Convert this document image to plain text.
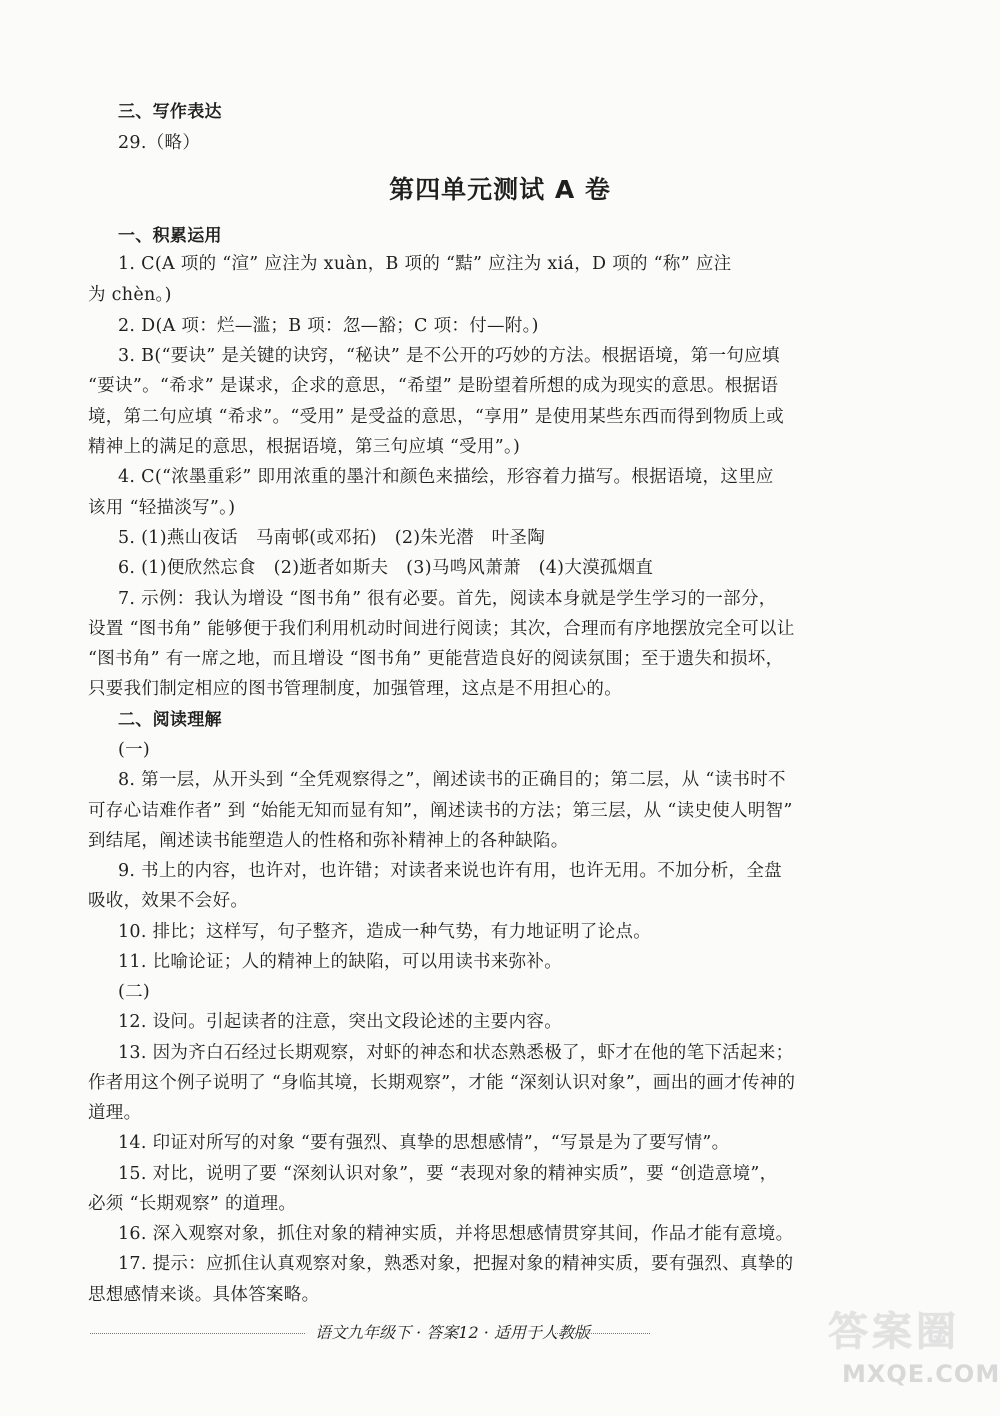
三、写作表达
29.（略）
第四单元测试 A 卷
一、积累运用
1. C(A 项的 “渲” 应注为 xuàn，B 项的 “黠” 应注为 xiá，D 项的 “称” 应注
为 chèn。)
2. D(A 项：烂—滥；B 项：忽—豁；C 项：付—附。)
3. B(“要诀” 是关键的诀窍，“秘诀” 是不公开的巧妙的方法。根据语境，第一句应填
“要诀”。“希求” 是谋求，企求的意思，“希望” 是盼望着所想的成为现实的意思。根据语
境，第二句应填 “希求”。“受用” 是受益的意思，“享用” 是使用某些东西而得到物质上或
精神上的满足的意思，根据语境，第三句应填 “受用”。)
4. C(“浓墨重彩” 即用浓重的墨汁和颜色来描绘，形容着力描写。根据语境，这里应
该用 “轻描淡写”。)
5. (1)燕山夜话　马南邨(或邓拓)　(2)朱光潜　叶圣陶
6. (1)便欣然忘食　(2)逝者如斯夫　(3)马鸣风萧萧　(4)大漠孤烟直
7. 示例：我认为增设 “图书角” 很有必要。首先，阅读本身就是学生学习的一部分，
设置 “图书角” 能够便于我们利用机动时间进行阅读；其次，合理而有序地摆放完全可以让
“图书角” 有一席之地，而且增设 “图书角” 更能营造良好的阅读氛围；至于遗失和损坏，
只要我们制定相应的图书管理制度，加强管理，这点是不用担心的。
二、阅读理解
(一)
8. 第一层，从开头到 “全凭观察得之”，阐述读书的正确目的；第二层，从 “读书时不
可存心诘难作者” 到 “始能无知而显有知”，阐述读书的方法；第三层，从 “读史使人明智”
到结尾，阐述读书能塑造人的性格和弥补精神上的各种缺陷。
9. 书上的内容，也许对，也许错；对读者来说也许有用，也许无用。不加分析，全盘
吸收，效果不会好。
10. 排比；这样写，句子整齐，造成一种气势，有力地证明了论点。
11. 比喻论证；人的精神上的缺陷，可以用读书来弥补。
(二)
12. 设问。引起读者的注意，突出文段论述的主要内容。
13. 因为齐白石经过长期观察，对虾的神态和状态熟悉极了，虾才在他的笔下活起来；
作者用这个例子说明了 “身临其境，长期观察”，才能 “深刻认识对象”，画出的画才传神的
道理。
14. 印证对所写的对象 “要有强烈、真挚的思想感情”，“写景是为了要写情”。
15. 对比，说明了要 “深刻认识对象”，要 “表现对象的精神实质”，要 “创造意境”，
必须 “长期观察” 的道理。
16. 深入观察对象，抓住对象的精神实质，并将思想感情贯穿其间，作品才能有意境。
17. 提示：应抓住认真观察对象，熟悉对象，把握对象的精神实质，要有强烈、真挚的
思想感情来谈。具体答案略。
语文九年级下 · 答案12 · 适用于人教版	答案圈
MXQE.COM
